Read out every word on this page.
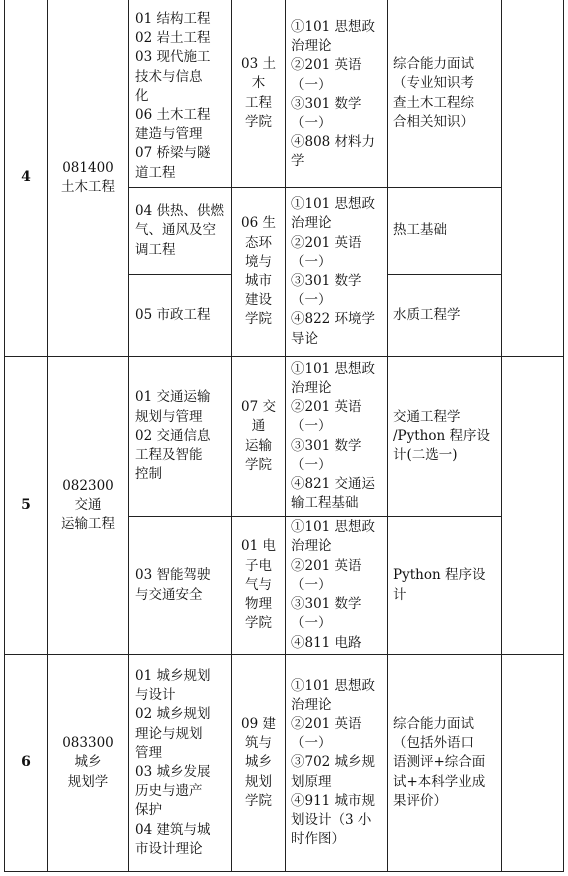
4
081400
土木工程
01 结构工程
02 岩土工程
03 现代施工
技术与信息
化
06 土木工程
建造与管理
07 桥梁与隧
道工程
03 土
木
工程
学院
①101 思想政
治理论
②201 英语
（一）
③301 数学
（一）
④808 材料力
学
综合能力面试
（专业知识考
查土木工程综
合相关知识）
04 供热、供燃
气、通风及空
调工程
06 生
态环
境与
城市
建设
学院
①101 思想政
治理论
②201 英语
（一）
③301 数学
（一）
④822 环境学
导论
热工基础
05 市政工程	水质工程学
5
082300
交通
运输工程
01 交通运输
规划与管理
02 交通信息
工程及智能
控制
07 交
通
运输
学院
①101 思想政
治理论
②201 英语
（一）
③301 数学
（一）
④821 交通运
输工程基础
交通工程学
/Python 程序设
计(二选一)
03 智能驾驶
与交通安全
01 电
子电
气与
物理
学院
①101 思想政
治理论
②201 英语
（一）
③301 数学
（一）
④811 电路
Python 程序设
计
6
083300
城乡
规划学
01 城乡规划
与设计
02 城乡规划
理论与规划
管理
03 城乡发展
历史与遗产
保护
04 建筑与城
市设计理论
09 建
筑与
城乡
规划
学院
①101 思想政
治理论
②201 英语
（一）
③702 城乡规
划原理
④911 城市规
划设计（3 小
时作图）
综合能力面试
（包括外语口
语测评+综合面
试+本科学业成
果评价）
